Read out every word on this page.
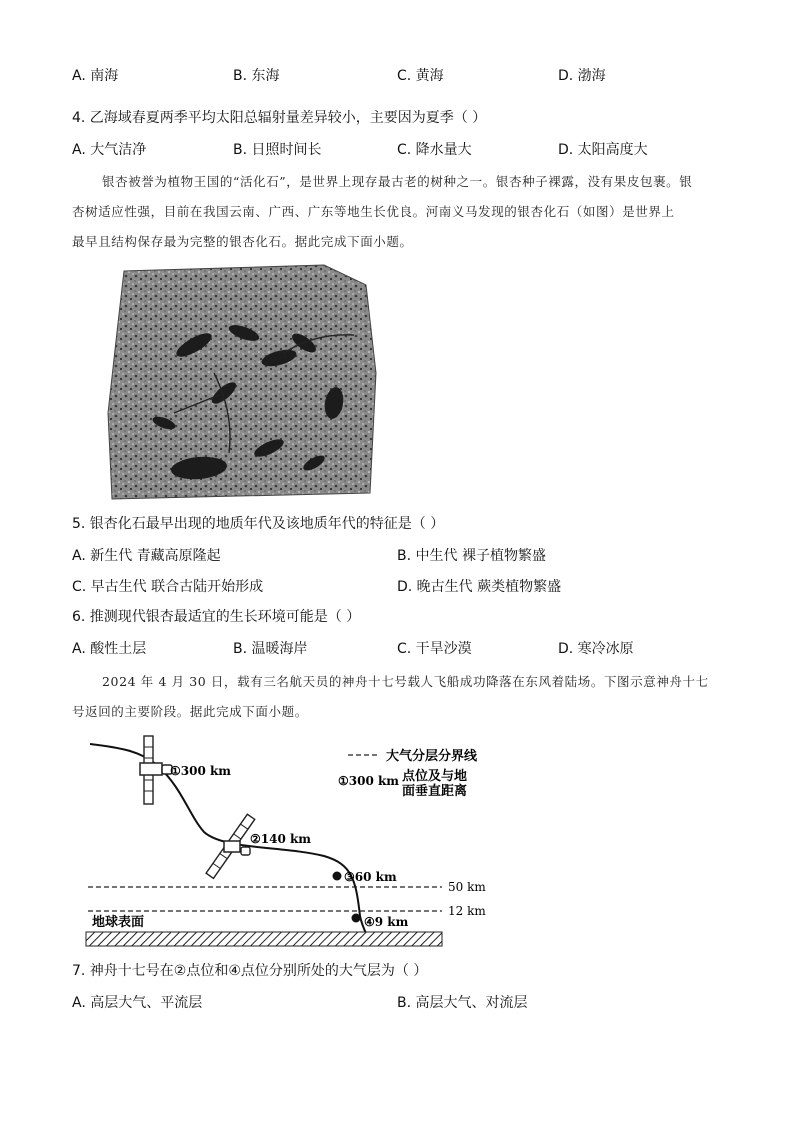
A. 南海	B. 东海	C. 黄海	D. 渤海
4. 乙海域春夏两季平均太阳总辐射量差异较小，主要因为夏季（ ）
A. 大气洁净	B. 日照时间长	C. 降水量大	D. 太阳高度大
银杏被誉为植物王国的“活化石”，是世界上现存最古老的树种之一。银杏种子裸露，没有果皮包裹。银
杏树适应性强，目前在我国云南、广西、广东等地生长优良。河南义马发现的银杏化石（如图）是世界上
最早且结构保存最为完整的银杏化石。据此完成下面小题。
5. 银杏化石最早出现的地质年代及该地质年代的特征是（ ）
A. 新生代 青藏高原隆起	B. 中生代 裸子植物繁盛
C. 早古生代 联合古陆开始形成	D. 晚古生代 蕨类植物繁盛
6. 推测现代银杏最适宜的生长环境可能是（ ）
A. 酸性土层	B. 温暖海岸	C. 干旱沙漠	D. 寒冷冰原
2024 年 4 月 30 日，载有三名航天员的神舟十七号载人飞船成功降落在东风着陆场。下图示意神舟十七
号返回的主要阶段。据此完成下面小题。
大气分层分界线
①300 km 点位及与地
面垂直距离
50 km
12 km
地球表面
①300 km
②140 km
③60 km
④9 km
7. 神舟十七号在②点位和④点位分别所处的大气层为（ ）
A. 高层大气、平流层	B. 高层大气、对流层
